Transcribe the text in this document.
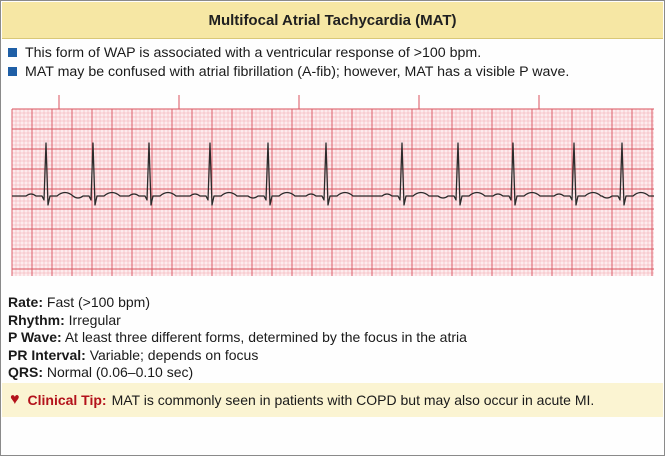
Multifocal Atrial Tachycardia (MAT)
This form of WAP is associated with a ventricular response of >100 bpm.
MAT may be confused with atrial fibrillation (A-fib); however, MAT has a visible P wave.
Rate: Fast (>100 bpm)
Rhythm: Irregular
P Wave: At least three different forms, determined by the focus in the atria
PR Interval: Variable; depends on focus
QRS: Normal (0.06–0.10 sec)
♥ Clinical Tip: MAT is commonly seen in patients with COPD but may also occur in acute MI.
